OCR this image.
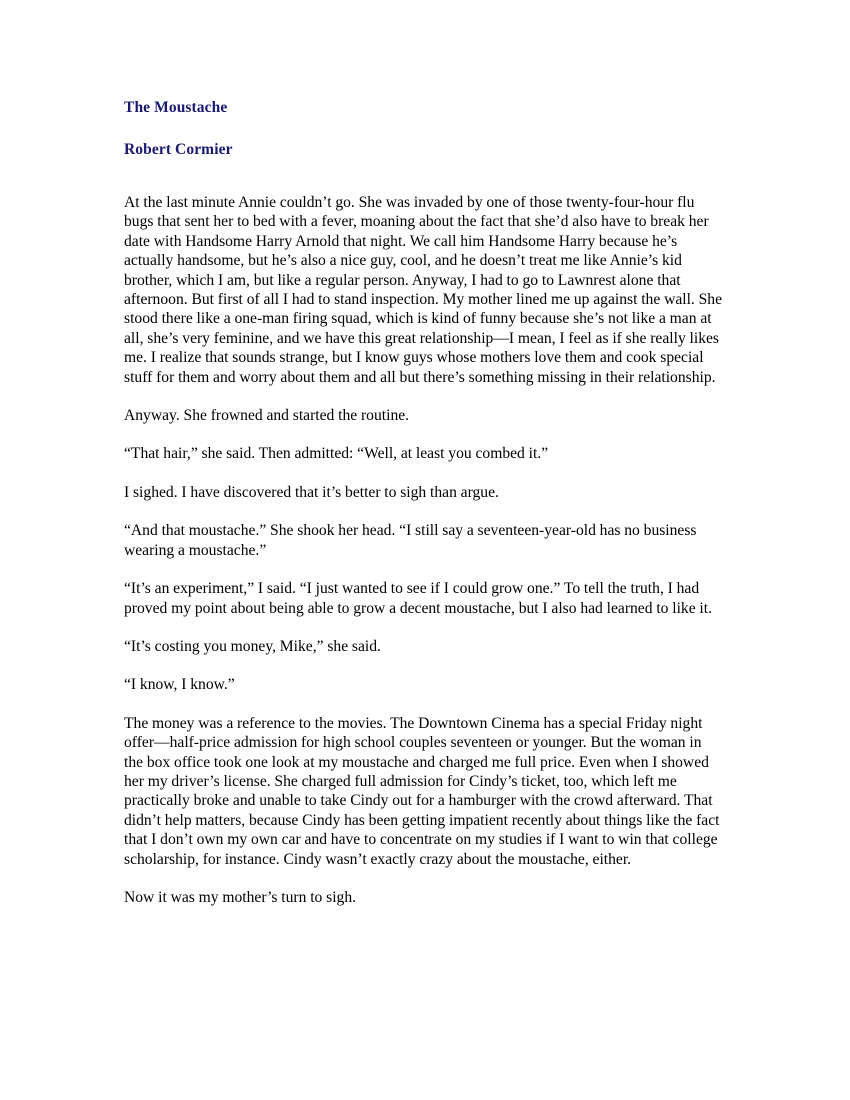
The Moustache
Robert Cormier

At the last minute Annie couldn’t go. She was invaded by one of those twenty-four-hour flu bugs that sent her to bed with a fever, moaning about the fact that she’d also have to break her date with Handsome Harry Arnold that night. We call him Handsome Harry because he’s actually handsome, but he’s also a nice guy, cool, and he doesn’t treat me like Annie’s kid brother, which I am, but like a regular person. Anyway, I had to go to Lawnrest alone that afternoon. But first of all I had to stand inspection. My mother lined me up against the wall. She stood there like a one-man firing squad, which is kind of funny because she’s not like a man at all, she’s very feminine, and we have this great relationship—I mean, I feel as if she really likes me. I realize that sounds strange, but I know guys whose mothers love them and cook special stuff for them and worry about them and all but there’s something missing in their relationship.

Anyway. She frowned and started the routine.

“That hair,” she said. Then admitted: “Well, at least you combed it.”

I sighed. I have discovered that it’s better to sigh than argue.

“And that moustache.” She shook her head. “I still say a seventeen-year-old has no business wearing a moustache.”

“It’s an experiment,” I said. “I just wanted to see if I could grow one.” To tell the truth, I had proved my point about being able to grow a decent moustache, but I also had learned to like it.

“It’s costing you money, Mike,” she said.

“I know, I know.”

The money was a reference to the movies. The Downtown Cinema has a special Friday night offer—half-price admission for high school couples seventeen or younger. But the woman in the box office took one look at my moustache and charged me full price. Even when I showed her my driver’s license. She charged full admission for Cindy’s ticket, too, which left me practically broke and unable to take Cindy out for a hamburger with the crowd afterward. That didn’t help matters, because Cindy has been getting impatient recently about things like the fact that I don’t own my own car and have to concentrate on my studies if I want to win that college scholarship, for instance. Cindy wasn’t exactly crazy about the moustache, either.

Now it was my mother’s turn to sigh.
